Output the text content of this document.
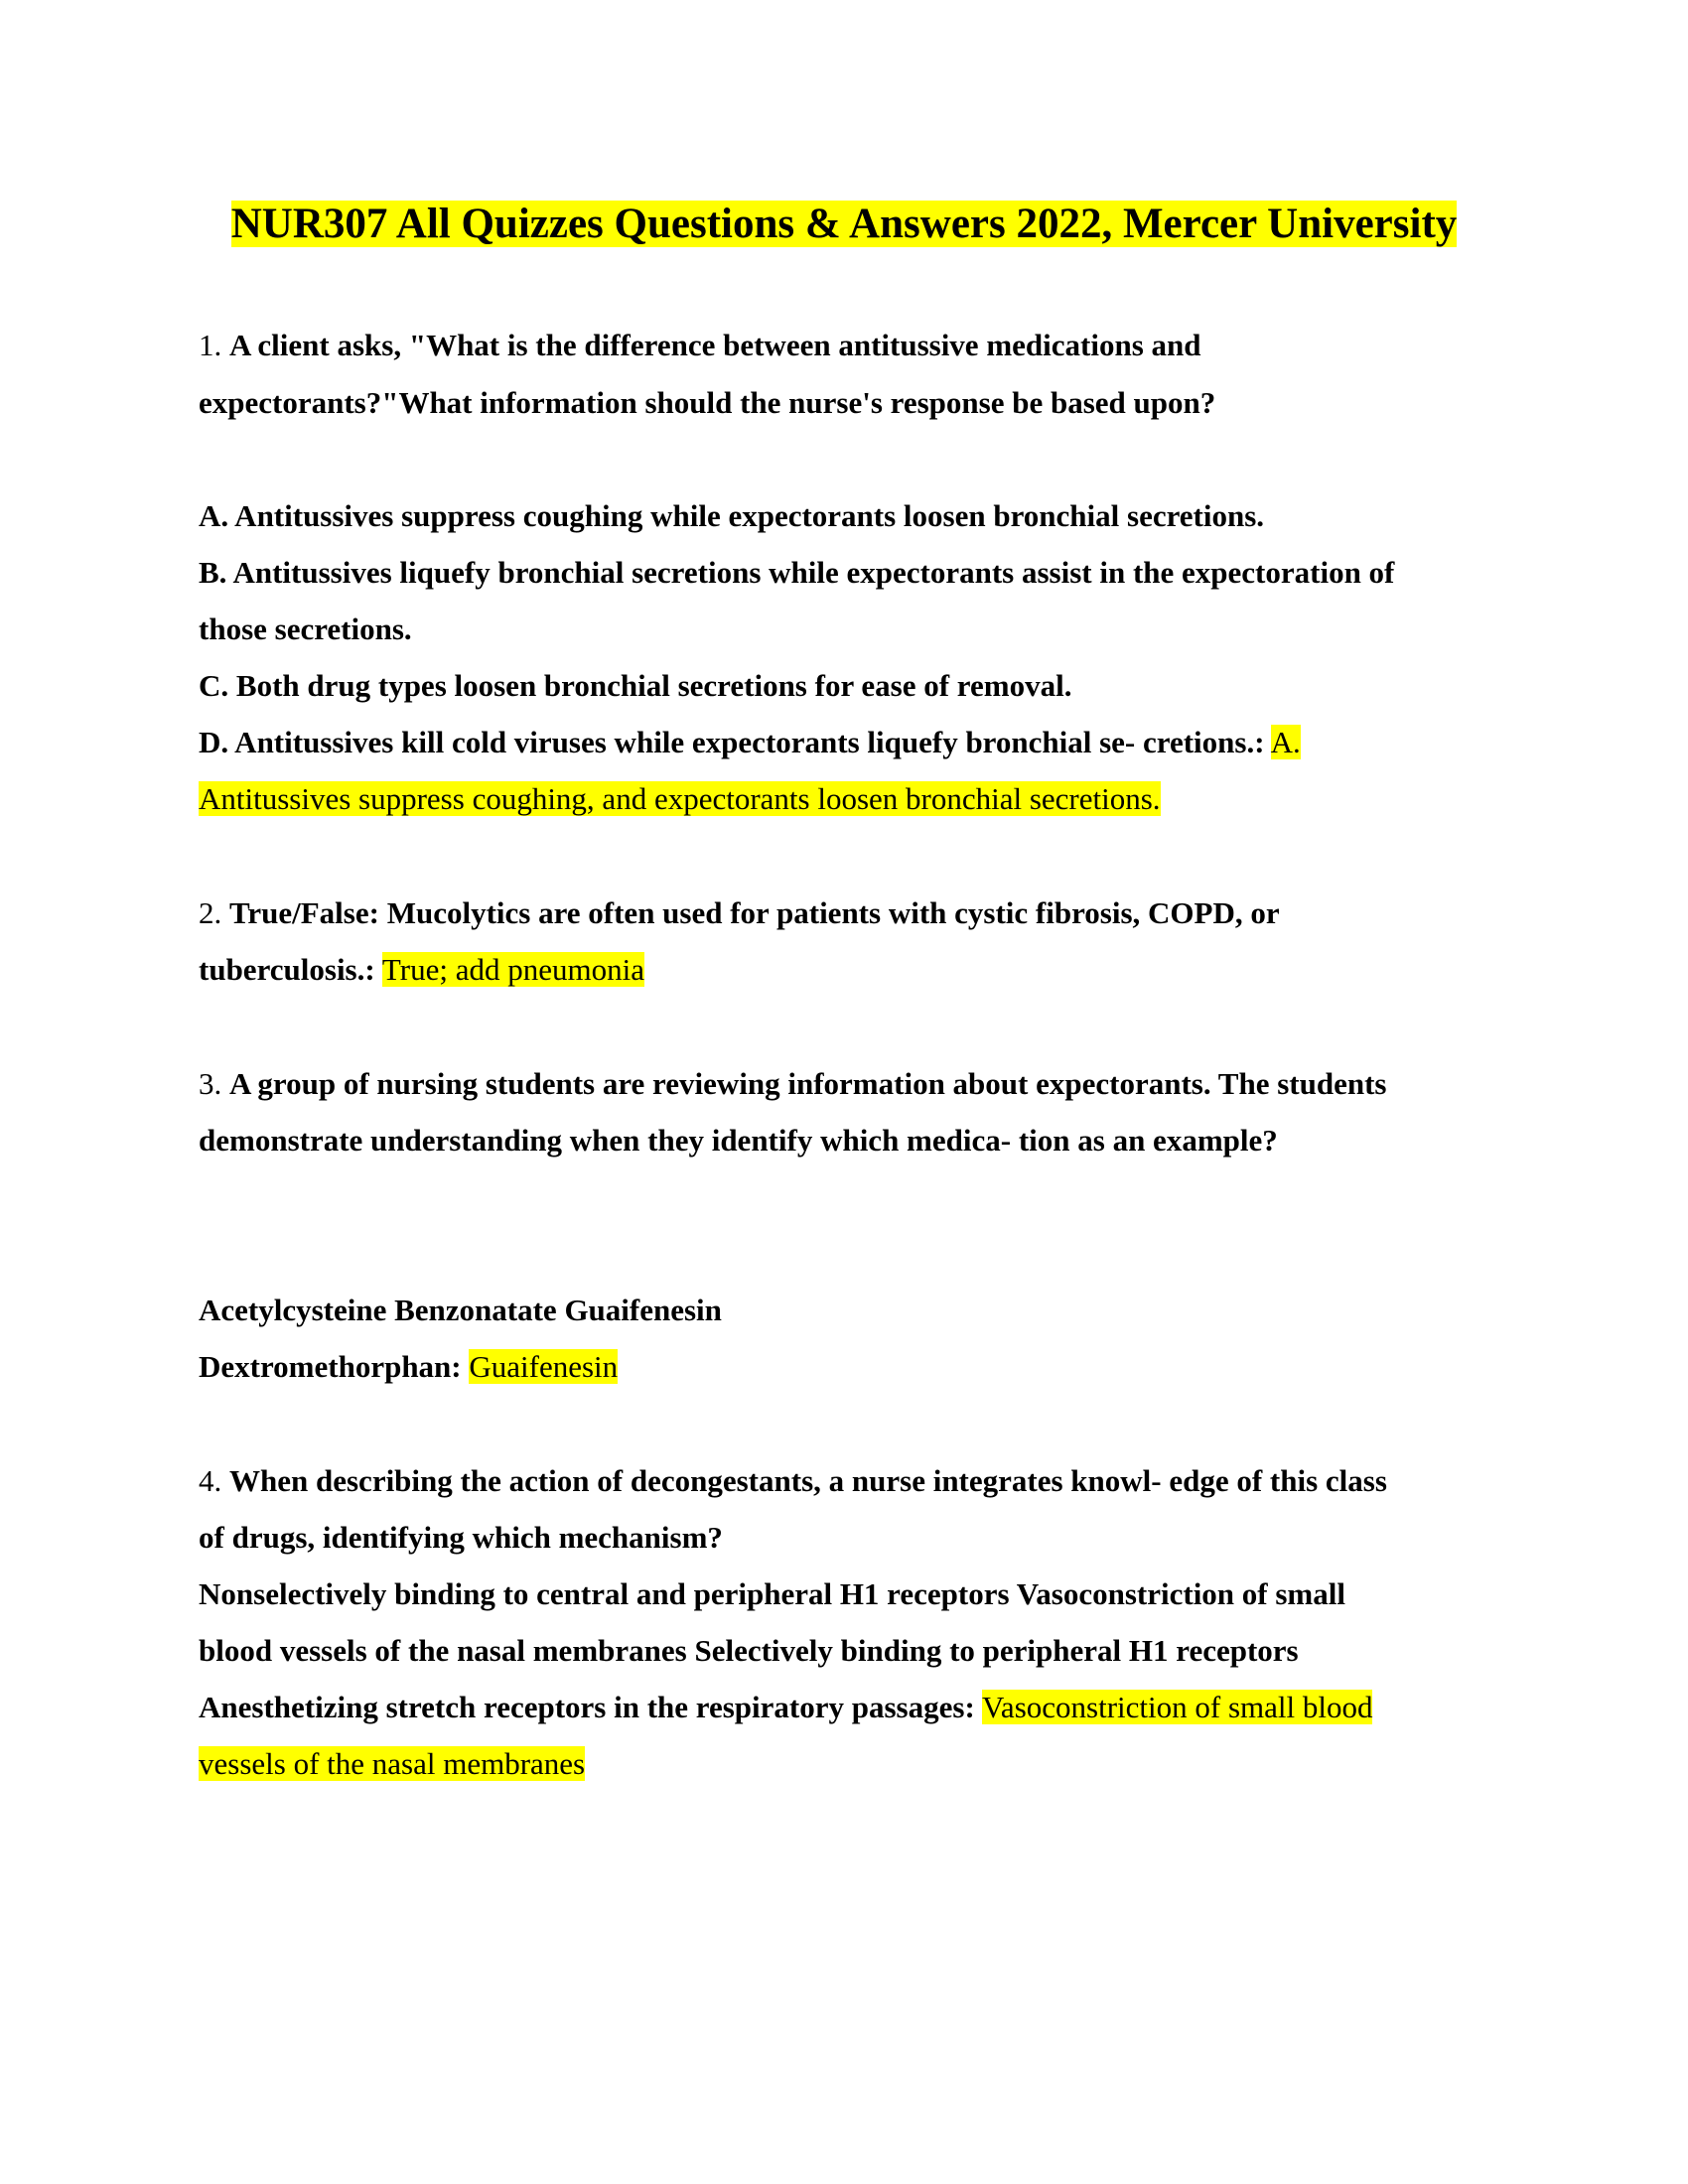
NUR307 All Quizzes Questions & Answers 2022, Mercer University
1. A client asks, "What is the difference between antitussive medications and
expectorants?"What information should the nurse's response be based upon?
A. Antitussives suppress coughing while expectorants loosen bronchial secretions.
B. Antitussives liquefy bronchial secretions while expectorants assist in the expectoration of
those secretions.
C. Both drug types loosen bronchial secretions for ease of removal.
D. Antitussives kill cold viruses while expectorants liquefy bronchial se- cretions.: A.
Antitussives suppress coughing, and expectorants loosen bronchial secretions.
2. True/False: Mucolytics are often used for patients with cystic fibrosis, COPD, or
tuberculosis.: True; add pneumonia
3. A group of nursing students are reviewing information about expectorants. The students
demonstrate understanding when they identify which medica- tion as an example?
Acetylcysteine Benzonatate Guaifenesin
Dextromethorphan: Guaifenesin
4. When describing the action of decongestants, a nurse integrates knowl- edge of this class
of drugs, identifying which mechanism?
Nonselectively binding to central and peripheral H1 receptors Vasoconstriction of small
blood vessels of the nasal membranes Selectively binding to peripheral H1 receptors
Anesthetizing stretch receptors in the respiratory passages: Vasoconstriction of small blood
vessels of the nasal membranes
